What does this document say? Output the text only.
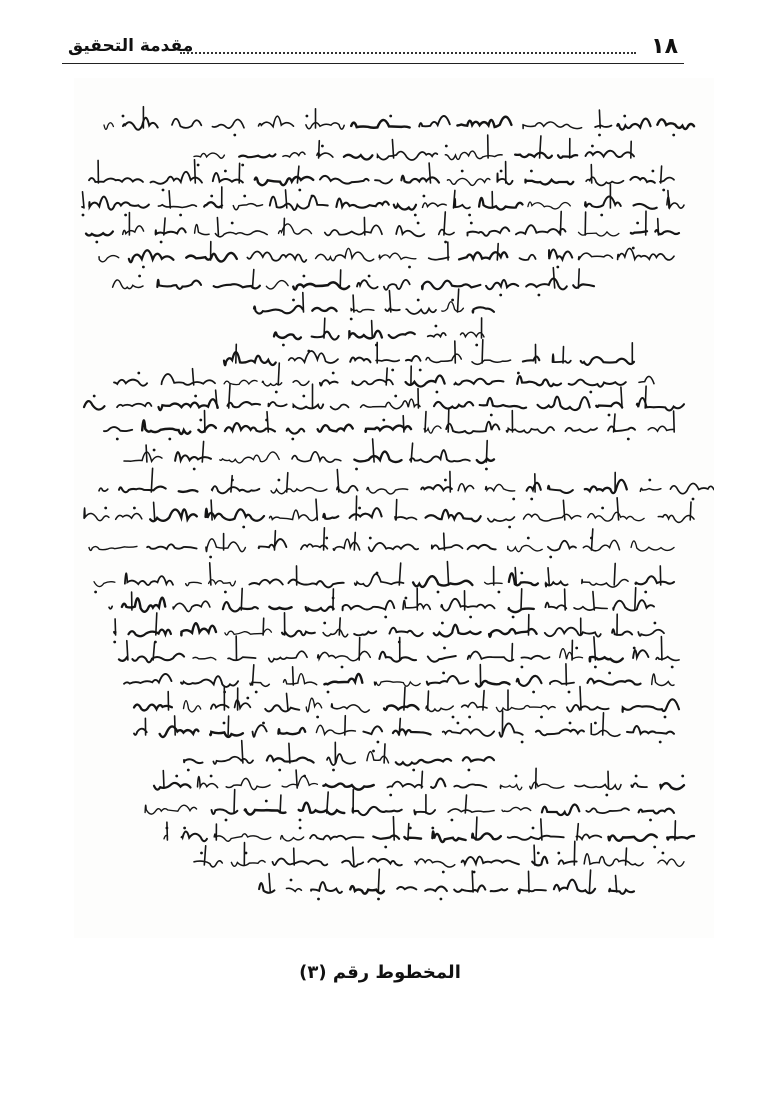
١٨
مقدمة التحقيق
المخطوط رقم (٣)
